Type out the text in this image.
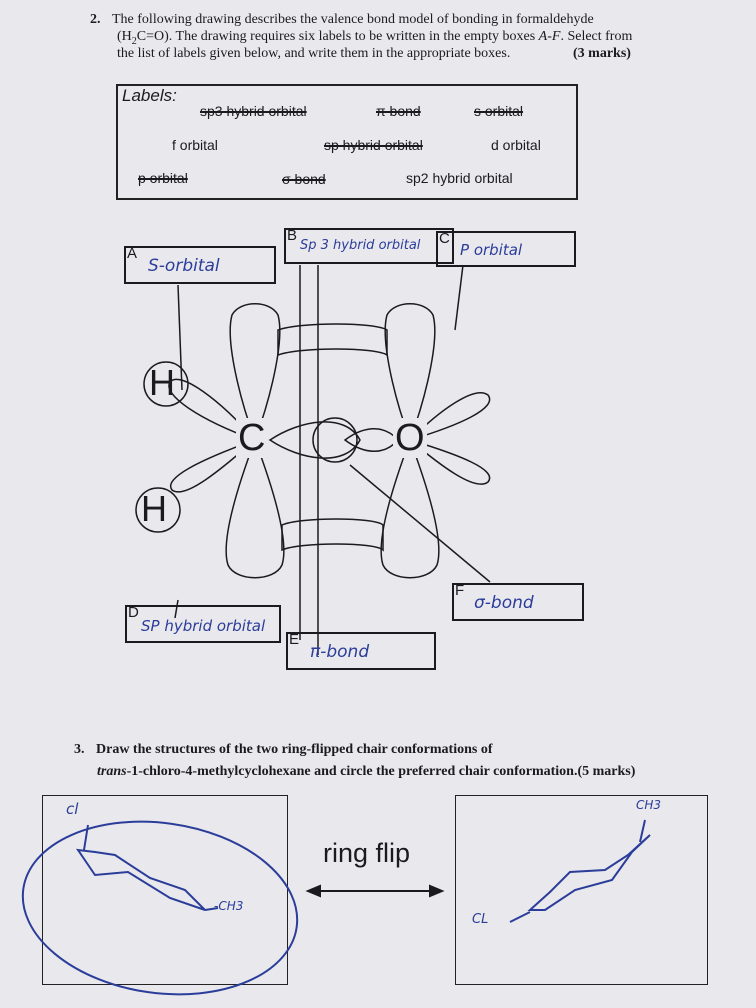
2. The following drawing describes the valence bond model of bonding in formaldehyde
$(H_2C=O)$. The drawing requires six labels to be written in the empty boxes A-F. Select from
the list of labels given below, and write them in the appropriate boxes.	(3 marks)
Labels:
sp3 hybrid orbital	π bond	s orbital
f orbital	sp hybrid orbital	d orbital
p orbital	σ bond	sp2 hybrid orbital
H
H
C	O
A
S-orbital
B
Sp 3 hybrid orbital C
P orbital
D
SP hybrid orbital
E
π-bond
F
σ-bond
3. Draw the structures of the two ring-flipped chair conformations of
trans-1-chloro-4-methylcyclohexane and circle the preferred chair conformation.(5 marks)
cl
-CH3
ring flip
CH3
CL
